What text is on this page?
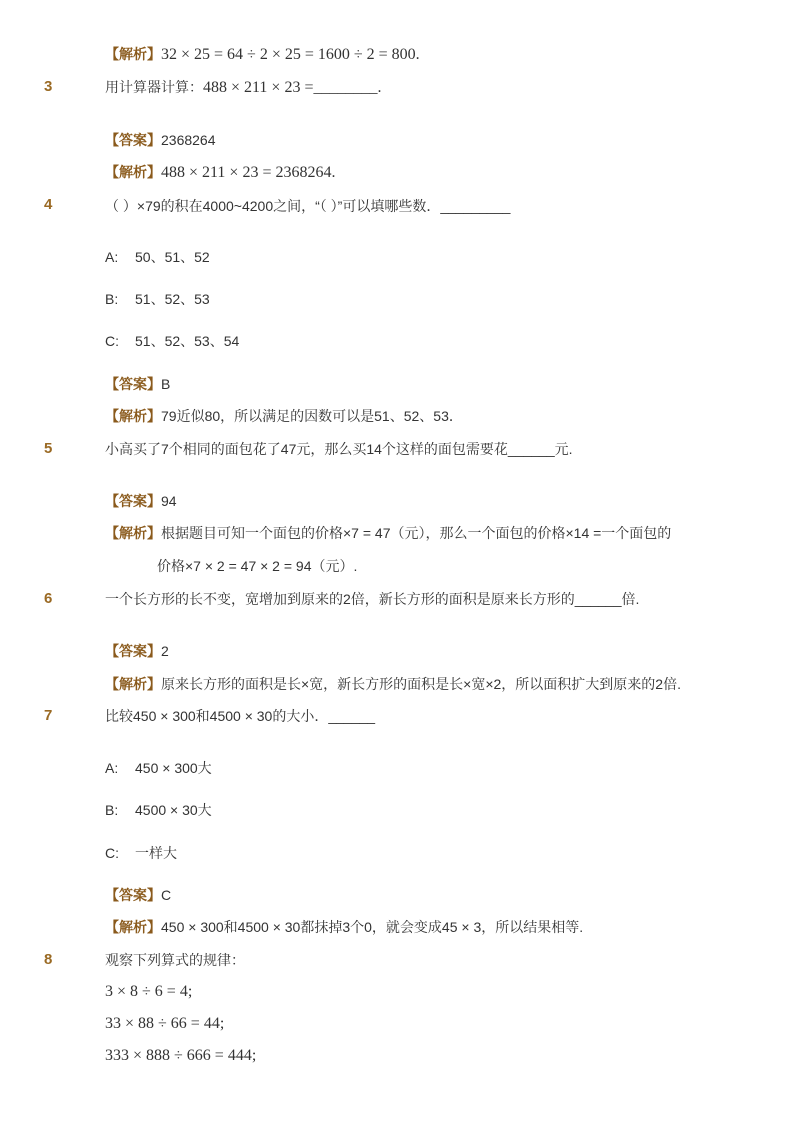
【解析】32 × 25 = 64 ÷ 2 × 25 = 1600 ÷ 2 = 800.
3	用计算器计算：488 × 211 × 23 =________.
【答案】2368264
【解析】488 × 211 × 23 = 2368264.
4	（ ）×79的积在4000~4200之间，“（ ）”可以填哪些数．_________
A: 50、51、52
B: 51、52、53
C: 51、52、53、54
【答案】B
【解析】79近似80，所以满足的因数可以是51、52、53．
5	小高买了7个相同的面包花了47元，那么买14个这样的面包需要花______元.
【答案】94
【解析】根据题目可知一个面包的价格×7 = 47（元），那么一个面包的价格×14 =一个面包的
价格×7 × 2 = 47 × 2 = 94（元）.
6	一个长方形的长不变，宽增加到原来的2倍，新长方形的面积是原来长方形的______倍.
【答案】2
【解析】原来长方形的面积是长×宽，新长方形的面积是长×宽×2，所以面积扩大到原来的2倍.
7	比较450 × 300和4500 × 30的大小．______
A: 450 × 300大
B: 4500 × 30大
C: 一样大
【答案】C
【解析】450 × 300和4500 × 30都抹掉3个0，就会变成45 × 3，所以结果相等.
8	观察下列算式的规律：
3 × 8 ÷ 6 = 4;
33 × 88 ÷ 66 = 44;
333 × 888 ÷ 666 = 444;
